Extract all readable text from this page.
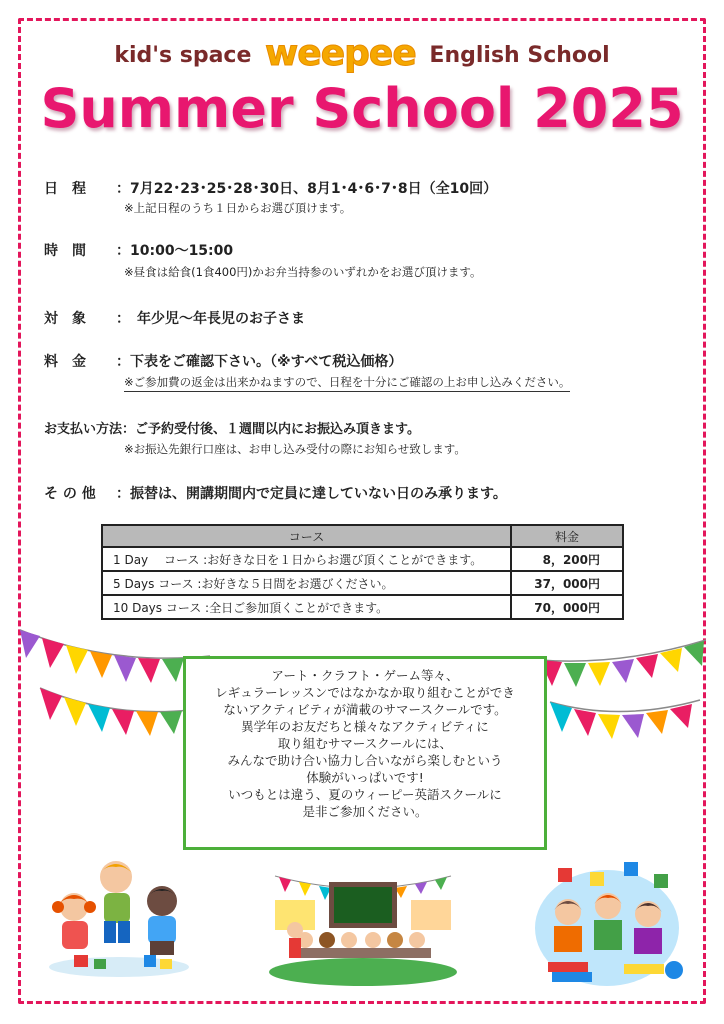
kid's space weepee English School
Summer School 2025
日　程 ：7月22･23･25･28･30日、8月1･4･6･7･8日（全10回）
※上記日程のうち１日からお選び頂けます。
時　間 ：10:00～15:00
※昼食は給食(1食400円)かお弁当持参のいずれかをお選び頂けます。
対　象 ：　年少児～年長児のお子さま
料　金 ：下表をご確認下さい。（※すべて税込価格）
※ご参加費の返金は出来かねますので、日程を十分にご確認の上お申し込みください。
お支払い方法：ご予約受付後、１週間以内にお振込み頂きます。
※お振込先銀行口座は、お申し込み受付の際にお知らせ致します。
そ の 他 ：振替は、開講期間内で定員に達していない日のみ承ります。
コース	料金
1 Day　 コース :お好きな日を１日からお選び頂くことができます。	8，200円
5 Days コース :お好きな５日間をお選びください。	37，000円
10 Days コース :全日ご参加頂くことができます。	70，000円
アート・クラフト・ゲーム等々、
レギュラーレッスンではなかなか取り組むことができ
ないアクティビティが満載のサマースクールです。
異学年のお友だちと様々なアクティビティに
取り組むサマースクールには、
みんなで助け合い協力し合いながら楽しむという
体験がいっぱいです!
いつもとは違う、夏のウィーピー英語スクールに
是非ご参加ください。
